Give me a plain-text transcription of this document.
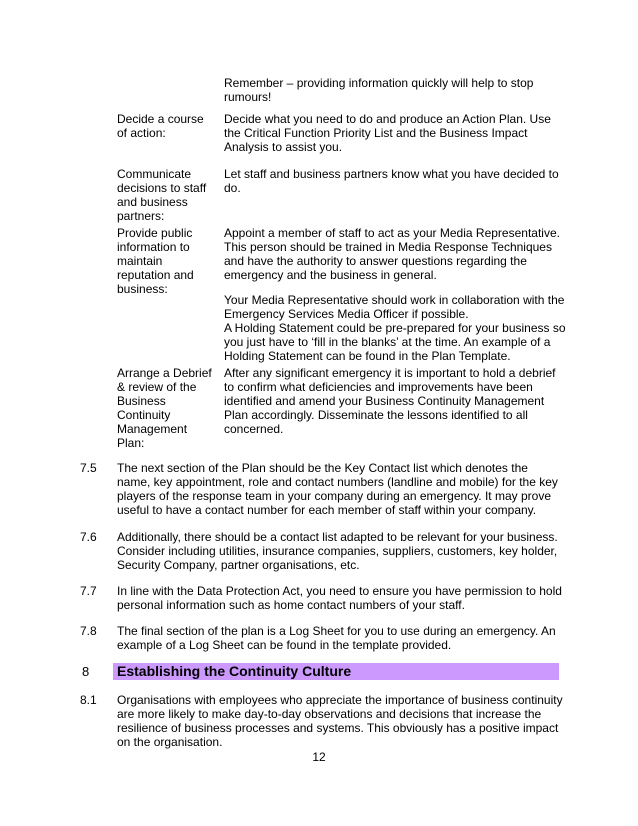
Remember – providing information quickly will help to stop
rumours!
Decide a course
of action:
Decide what you need to do and produce an Action Plan. Use
the Critical Function Priority List and the Business Impact
Analysis to assist you.
Communicate
decisions to staff
and business
partners:
Let staff and business partners know what you have decided to
do.
Provide public
information to
maintain
reputation and
business:
Appoint a member of staff to act as your Media Representative.
This person should be trained in Media Response Techniques
and have the authority to answer questions regarding the
emergency and the business in general.
Your Media Representative should work in collaboration with the
Emergency Services Media Officer if possible.
A Holding Statement could be pre-prepared for your business so
you just have to ‘fill in the blanks’ at the time. An example of a
Holding Statement can be found in the Plan Template.
Arrange a Debrief
& review of the
Business
Continuity
Management
Plan:
After any significant emergency it is important to hold a debrief
to confirm what deficiencies and improvements have been
identified and amend your Business Continuity Management
Plan accordingly. Disseminate the lessons identified to all
concerned.
7.5 The next section of the Plan should be the Key Contact list which denotes the
name, key appointment, role and contact numbers (landline and mobile) for the key
players of the response team in your company during an emergency. It may prove
useful to have a contact number for each member of staff within your company.
7.6 Additionally, there should be a contact list adapted to be relevant for your business.
Consider including utilities, insurance companies, suppliers, customers, key holder,
Security Company, partner organisations, etc.
7.7 In line with the Data Protection Act, you need to ensure you have permission to hold
personal information such as home contact numbers of your staff.
7.8 The final section of the plan is a Log Sheet for you to use during an emergency. An
example of a Log Sheet can be found in the template provided.
8 Establishing the Continuity Culture
8.1 Organisations with employees who appreciate the importance of business continuity
are more likely to make day-to-day observations and decisions that increase the
resilience of business processes and systems. This obviously has a positive impact
on the organisation.
12
